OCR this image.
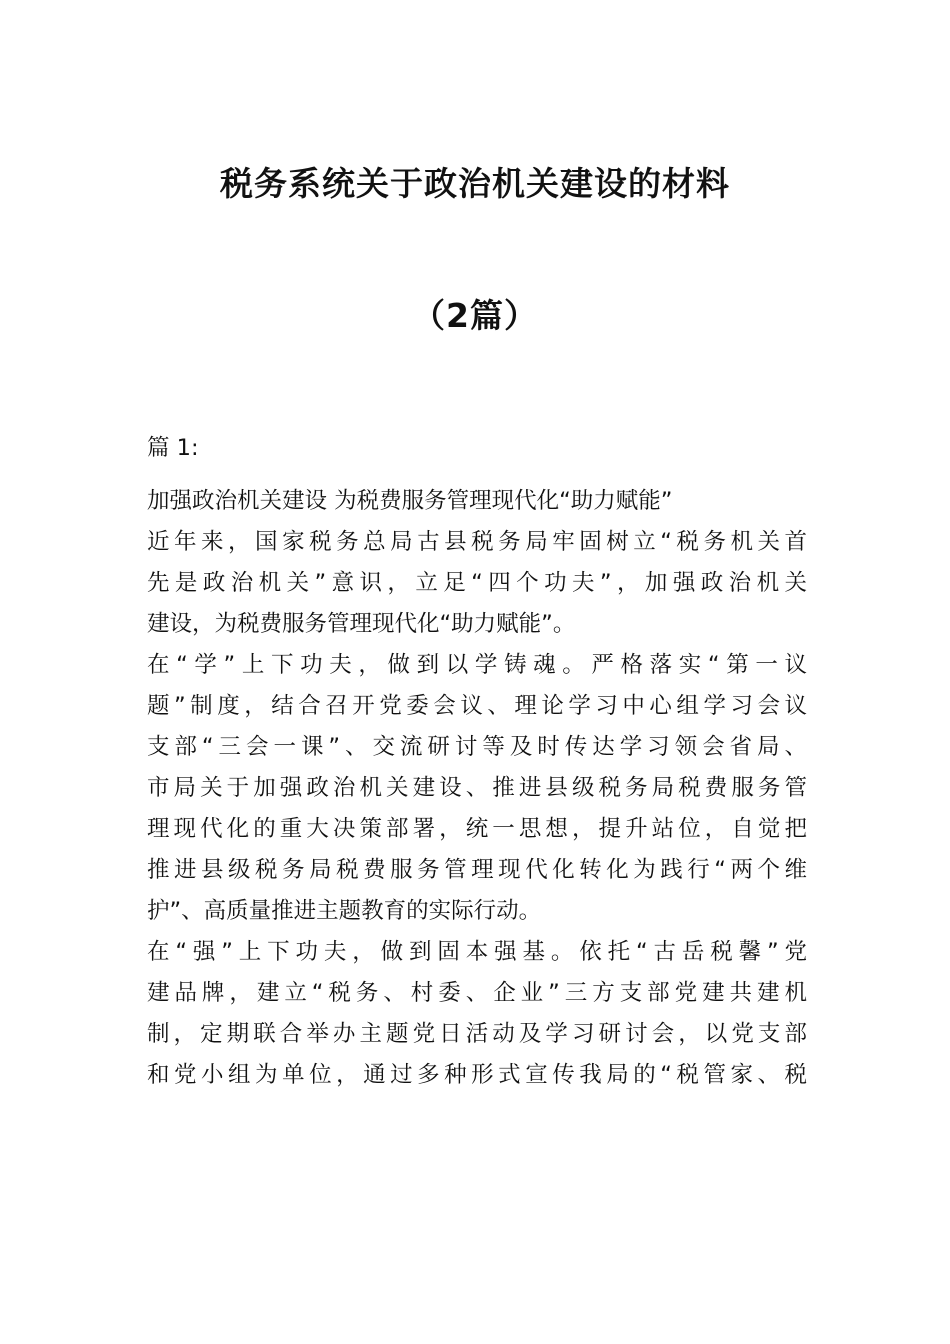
税务系统关于政治机关建设的材料
（2篇）
篇 1:
加强政治机关建设 为税费服务管理现代化“助力赋能”
近年来，国家税务总局古县税务局牢固树立“税务机关首
先是政治机关”意识，立足“四个功夫”，加强政治机关
建设，为税费服务管理现代化“助力赋能”。
在“学”上下功夫，做到以学铸魂。严格落实“第一议
题”制度，结合召开党委会议、理论学习中心组学习会议
支部“三会一课”、交流研讨等及时传达学习领会省局、
市局关于加强政治机关建设、推进县级税务局税费服务管
理现代化的重大决策部署，统一思想，提升站位，自觉把
推进县级税务局税费服务管理现代化转化为践行“两个维
护”、高质量推进主题教育的实际行动。
在“强”上下功夫，做到固本强基。依托“古岳税馨”党
建品牌，建立“税务、村委、企业”三方支部党建共建机
制，定期联合举办主题党日活动及学习研讨会，以党支部
和党小组为单位，通过多种形式宣传我局的“税管家、税
